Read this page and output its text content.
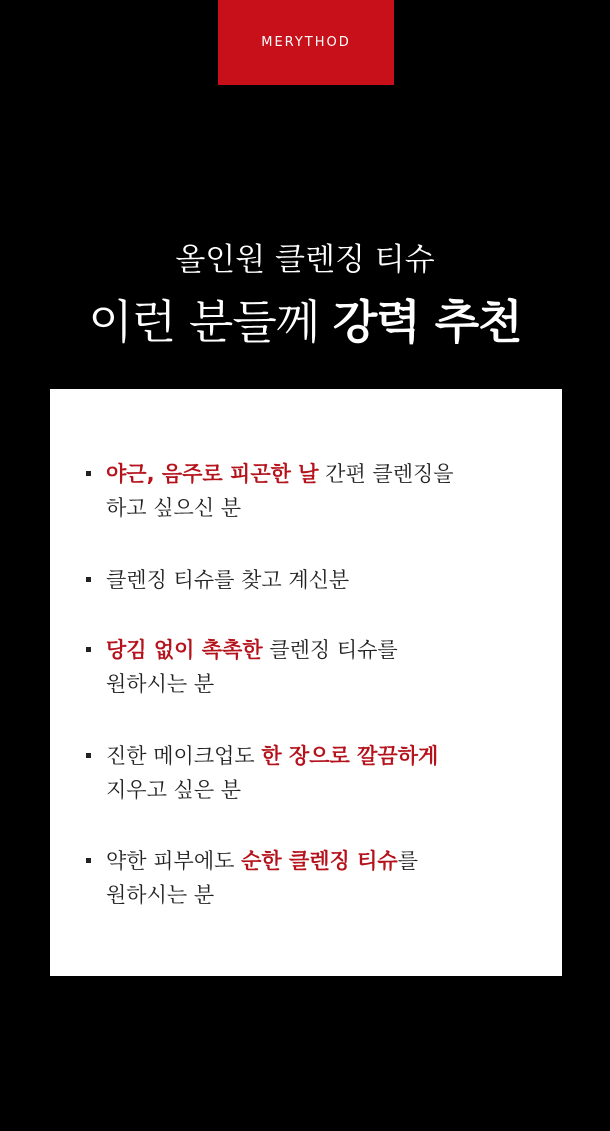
MERYTHOD
올인원 클렌징 티슈
이런 분들께 강력 추천
야근, 음주로 피곤한 날 간편 클렌징을
하고 싶으신 분
클렌징 티슈를 찾고 계신분
당김 없이 촉촉한 클렌징 티슈를
원하시는 분
진한 메이크업도 한 장으로 깔끔하게
지우고 싶은 분
약한 피부에도 순한 클렌징 티슈를
원하시는 분
